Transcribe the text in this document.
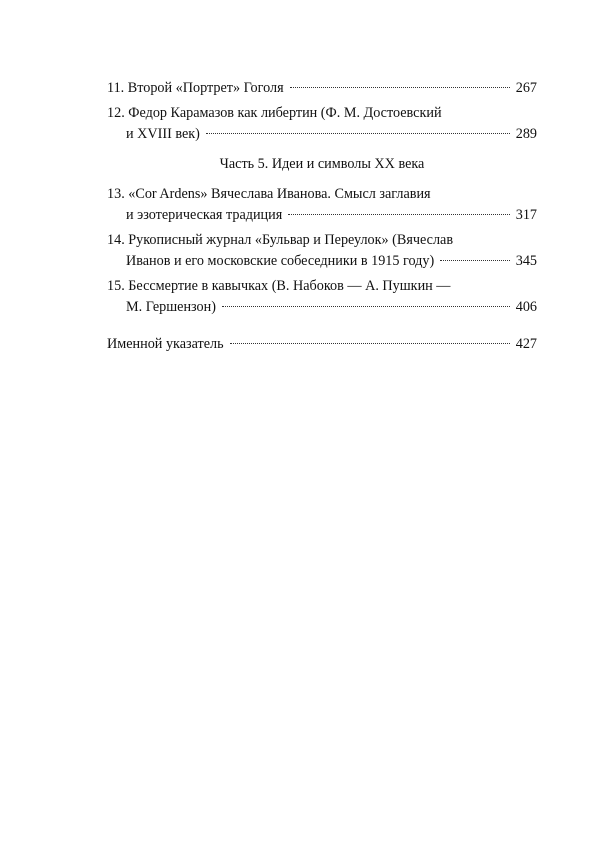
11. Второй «Портрет» Гоголя	267
12. Федор Карамазов как либертин (Ф. М. Достоевский
и XVIII век)	289
Часть 5. Идеи и символы XX века
13. «Cor Ardens» Вячеслава Иванова. Смысл заглавия
и эзотерическая традиция	317
14. Рукописный журнал «Бульвар и Переулок» (Вячеслав
Иванов и его московские собеседники в 1915 году)	345
15. Бессмертие в кавычках (В. Набоков — А. Пушкин —
М. Гершензон)	406
Именной указатель	427
